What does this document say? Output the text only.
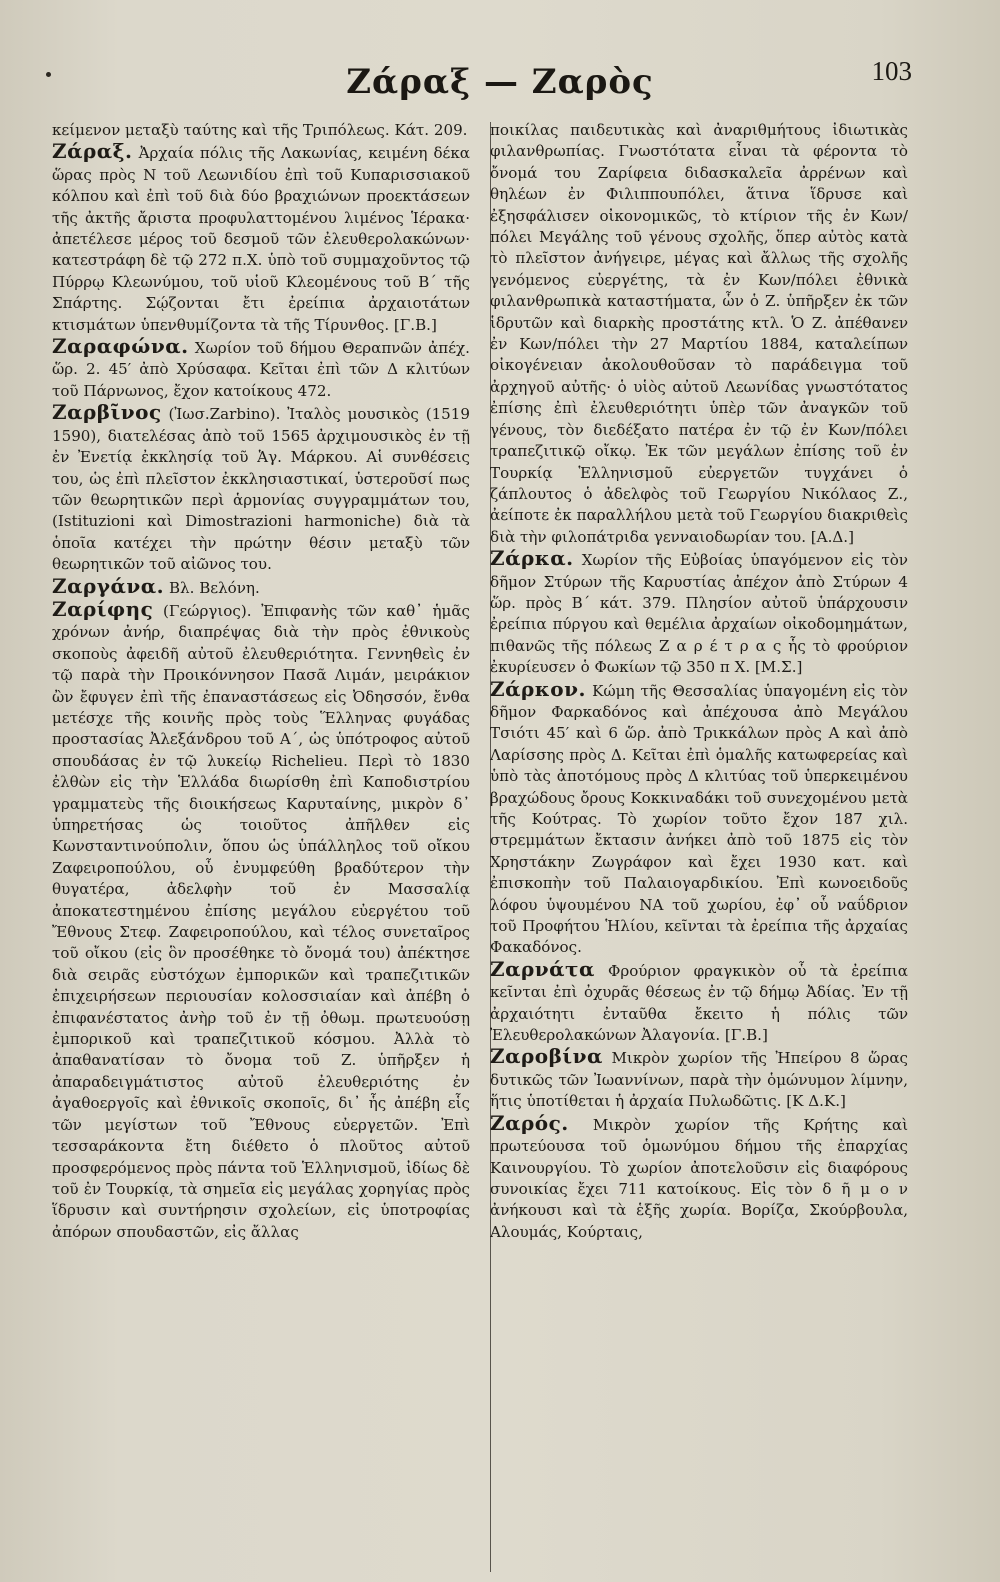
Ζάραξ — Ζαρὸς	103

κείμενον μεταξὺ ταύτης καὶ τῆς Τριπόλεως. Κάτ. 209.

Ζάραξ. Ἀρχαία πόλις τῆς Λακωνίας, κειμένη δέκα ὥρας πρὸς Ν τοῦ Λεωνιδίου ἐπὶ τοῦ Κυπαρισσιακοῦ κόλπου καὶ ἐπὶ τοῦ διὰ δύο βραχιώνων προεκτάσεων τῆς ἀκτῆς ἄριστα προφυλαττομένου λιμένος Ἱέρακα· ἀπετέλεσε μέρος τοῦ δεσμοῦ τῶν ἐλευθερολακώνων· κατεστράφη δὲ τῷ 272 π.Χ. ὑπὸ τοῦ συμμαχοῦντος τῷ Πύρρῳ Κλεωνύμου, τοῦ υἱοῦ Κλεομένους τοῦ Β΄ τῆς Σπάρτης. Σῴζονται ἔτι ἐρείπια ἀρχαιοτάτων κτισμάτων ὑπενθυμίζοντα τὰ τῆς Τίρυνθος. [Γ.Β.]

Ζαραφώνα. Χωρίον τοῦ δήμου Θεραπνῶν ἀπέχ. ὥρ. 2. 45′ ἀπὸ Χρύσαφα. Κεῖται ἐπὶ τῶν Δ κλιτύων τοῦ Πάρνωνος, ἔχον κατοίκους 472.

Ζαρβῖνος (Ἰωσ.Zarbino). Ἰταλὸς μουσικὸς (1519 1590), διατελέσας ἀπὸ τοῦ 1565 ἀρχιμουσικὸς ἐν τῇ ἐν Ἐνετίᾳ ἐκκλησίᾳ τοῦ Ἁγ. Μάρκου. Αἱ συνθέσεις του, ὡς ἐπὶ πλεῖστον ἐκκλησιαστικαί, ὑστεροῦσί πως τῶν θεωρητικῶν περὶ ἁρμονίας συγγραμμάτων του, (Istituzioni καὶ Dimostrazioni harmoniche) διὰ τὰ ὁποῖα κατέχει τὴν πρώτην θέσιν μεταξὺ τῶν θεωρητικῶν τοῦ αἰῶνος του.

Ζαργάνα. Βλ. Βελόνη.

Ζαρίφης (Γεώργιος). Ἐπιφανὴς τῶν καθ᾽ ἡμᾶς χρόνων ἀνήρ, διαπρέψας διὰ τὴν πρὸς ἐθνικοὺς σκοποὺς ἀφειδῆ αὐτοῦ ἐλευθεριότητα. Γεννηθεὶς ἐν τῷ παρὰ τὴν Προικόννησον Πασᾶ Λιμάν, μειράκιον ὢν ἔφυγεν ἐπὶ τῆς ἐπαναστάσεως εἰς Ὀδησσόν, ἔνθα μετέσχε τῆς κοινῆς πρὸς τοὺς Ἕλληνας φυγάδας προστασίας Ἀλεξάνδρου τοῦ Α΄, ὡς ὑπότροφος αὐτοῦ σπουδάσας ἐν τῷ λυκείῳ Richelieu. Περὶ τὸ 1830 ἐλθὼν εἰς τὴν Ἑλλάδα διωρίσθη ἐπὶ Καποδιστρίου γραμματεὺς τῆς διοικήσεως Καρυταίνης, μικρὸν δ᾽ ὑπηρετήσας ὡς τοιοῦτος ἀπῆλθεν εἰς Κωνσταντινούπολιν, ὅπου ὡς ὑπάλληλος τοῦ οἴκου Ζαφειροπούλου, οὗ ἐνυμφεύθη βραδύτερον τὴν θυγατέρα, ἀδελφὴν τοῦ ἐν Μασσαλίᾳ ἀποκατεστημένου ἐπίσης μεγάλου εὐεργέτου τοῦ Ἔθνους Στεφ. Ζαφειροπούλου, καὶ τέλος συνεταῖρος τοῦ οἴκου (εἰς ὃν προσέθηκε τὸ ὄνομά του) ἀπέκτησε διὰ σειρᾶς εὐστόχων ἐμπορικῶν καὶ τραπεζιτικῶν ἐπιχειρήσεων περιουσίαν κολοσσιαίαν καὶ ἀπέβη ὁ ἐπιφανέστατος ἀνὴρ τοῦ ἐν τῇ ὀθωμ. πρωτευούσῃ ἐμπορικοῦ καὶ τραπεζιτικοῦ κόσμου. Ἀλλὰ τὸ ἀπαθανατίσαν τὸ ὄνομα τοῦ Ζ. ὑπῆρξεν ἡ ἀπαραδειγμάτιστος αὐτοῦ ἐλευθεριότης ἐν ἀγαθοεργοῖς καὶ ἐθνικοῖς σκοποῖς, δι᾽ ἧς ἀπέβη εἷς τῶν μεγίστων τοῦ Ἔθνους εὐεργετῶν. Ἐπὶ τεσσαράκοντα ἔτη διέθετο ὁ πλοῦτος αὐτοῦ προσφερόμενος πρὸς πάντα τοῦ Ἑλληνισμοῦ, ἰδίως δὲ τοῦ ἐν Τουρκίᾳ, τὰ σημεῖα εἰς μεγάλας χορηγίας πρὸς ἵδρυσιν καὶ συντήρησιν σχολείων, εἰς ὑποτροφίας ἀπόρων σπουδαστῶν, εἰς ἄλλας

ποικίλας παιδευτικὰς καὶ ἀναριθμήτους ἰδιωτικὰς φιλανθρωπίας. Γνωστότατα εἶναι τὰ φέροντα τὸ ὄνομά του Ζαρίφεια διδασκαλεῖα ἀρρένων καὶ θηλέων ἐν Φιλιππουπόλει, ἅτινα ἵδρυσε καὶ ἐξησφάλισεν οἰκονομικῶς, τὸ κτίριον τῆς ἐν Κων/πόλει Μεγάλης τοῦ γένους σχολῆς, ὅπερ αὐτὸς κατὰ τὸ πλεῖστον ἀνήγειρε, μέγας καὶ ἄλλως τῆς σχολῆς γενόμενος εὐεργέτης, τὰ ἐν Κων/πόλει ἐθνικὰ φιλανθρωπικὰ καταστήματα, ὧν ὁ Ζ. ὑπῆρξεν ἐκ τῶν ἱδρυτῶν καὶ διαρκὴς προστάτης κτλ. Ὁ Ζ. ἀπέθανεν ἐν Κων/πόλει τὴν 27 Μαρτίου 1884, καταλείπων οἰκογένειαν ἀκολουθοῦσαν τὸ παράδειγμα τοῦ ἀρχηγοῦ αὐτῆς· ὁ υἱὸς αὐτοῦ Λεωνίδας γνωστότατος ἐπίσης ἐπὶ ἐλευθεριότητι ὑπὲρ τῶν ἀναγκῶν τοῦ γένους, τὸν διεδέξατο πατέρα ἐν τῷ ἐν Κων/πόλει τραπεζιτικῷ οἴκῳ. Ἐκ τῶν μεγάλων ἐπίσης τοῦ ἐν Τουρκίᾳ Ἑλληνισμοῦ εὐεργετῶν τυγχάνει ὁ ζάπλουτος ὁ ἀδελφὸς τοῦ Γεωργίου Νικόλαος Ζ., ἀείποτε ἐκ παραλλήλου μετὰ τοῦ Γεωργίου διακριθεὶς διὰ τὴν φιλοπάτριδα γενναιοδωρίαν του. [Α.Δ.]

Ζάρκα. Χωρίον τῆς Εὐβοίας ὑπαγόμενον εἰς τὸν δῆμον Στύρων τῆς Καρυστίας ἀπέχον ἀπὸ Στύρων 4 ὥρ. πρὸς Β΄ κάτ. 379. Πλησίον αὐτοῦ ὑπάρχουσιν ἐρείπια πύργου καὶ θεμέλια ἀρχαίων οἰκοδομημάτων, πιθανῶς τῆς πόλεως Ζ α ρ έ τ ρ α ς ἧς τὸ φρούριον ἐκυρίευσεν ὁ Φωκίων τῷ 350 π Χ. [Μ.Σ.]

Ζάρκον. Κώμη τῆς Θεσσαλίας ὑπαγομένη εἰς τὸν δῆμον Φαρκαδόνος καὶ ἀπέχουσα ἀπὸ Μεγάλου Τσιότι 45′ καὶ 6 ὥρ. ἀπὸ Τρικκάλων πρὸς Α καὶ ἀπὸ Λαρίσσης πρὸς Δ. Κεῖται ἐπὶ ὁμαλῆς κατωφερείας καὶ ὑπὸ τὰς ἀποτόμους πρὸς Δ κλιτύας τοῦ ὑπερκειμένου βραχώδους ὄρους Κοκκιναδάκι τοῦ συνεχομένου μετὰ τῆς Κούτρας. Τὸ χωρίον τοῦτο ἔχον 187 χιλ. στρεμμάτων ἔκτασιν ἀνήκει ἀπὸ τοῦ 1875 εἰς τὸν Χρηστάκην Ζωγράφον καὶ ἔχει 1930 κατ. καὶ ἐπισκοπὴν τοῦ Παλαιογαρδικίου. Ἐπὶ κωνοειδοῦς λόφου ὑψουμένου ΝΑ τοῦ χωρίου, ἐφ᾽ οὗ ναΰδριον τοῦ Προφήτου Ἡλίου, κεῖνται τὰ ἐρείπια τῆς ἀρχαίας Φακαδόνος.

Ζαρνάτα Φρούριον φραγκικὸν οὗ τὰ ἐρείπια κεῖνται ἐπὶ ὀχυρᾶς θέσεως ἐν τῷ δήμῳ Ἀδίας. Ἐν τῇ ἀρχαιότητι ἐνταῦθα ἔκειτο ἡ πόλις τῶν Ἐλευθερολακώνων Ἀλαγονία. [Γ.Β.]

Ζαροβίνα Μικρὸν χωρίον τῆς Ἠπείρου 8 ὥρας δυτικῶς τῶν Ἰωαννίνων, παρὰ τὴν ὁμώνυμον λίμνην, ἥτις ὑποτίθεται ἡ ἀρχαία Πυλωδῶτις. [Κ Δ.Κ.]

Ζαρός. Μικρὸν χωρίον τῆς Κρήτης καὶ πρωτεύουσα τοῦ ὁμωνύμου δήμου τῆς ἐπαρχίας Καινουργίου. Τὸ χωρίον ἀποτελοῦσιν εἰς διαφόρους συνοικίας ἔχει 711 κατοίκους. Εἰς τὸν δ ῆ μ ο ν ἀνήκουσι καὶ τὰ ἑξῆς χωρία. Βορίζα, Σκούρβουλα, Αλουμάς, Κούρταις,
